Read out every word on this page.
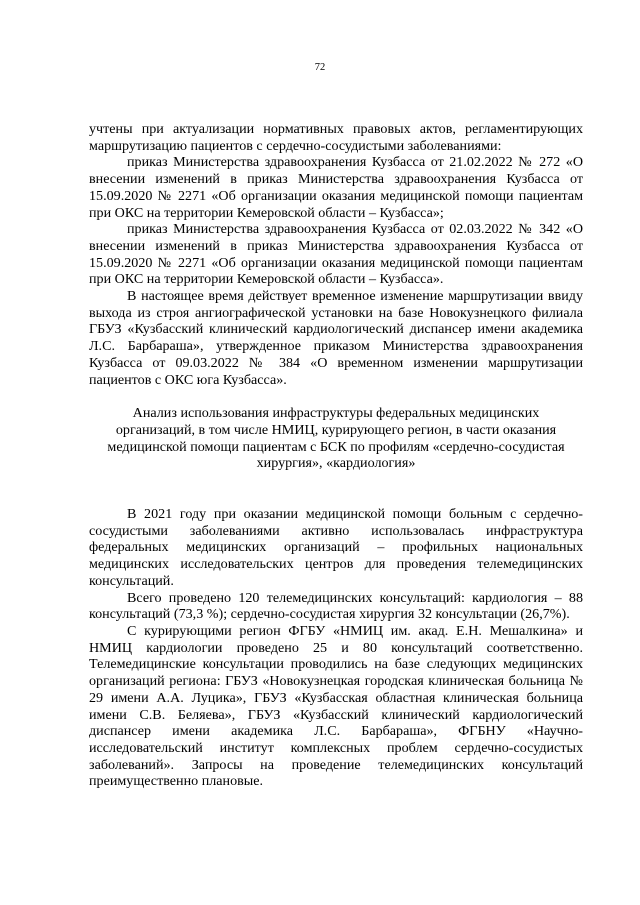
72

учтены при актуализации нормативных правовых актов, регламентирующих маршрутизацию пациентов с сердечно-сосудистыми заболеваниями:

приказ Министерства здравоохранения Кузбасса от 21.02.2022 № 272 «О внесении изменений в приказ Министерства здравоохранения Кузбасса от 15.09.2020 № 2271 «Об организации оказания медицинской помощи пациентам при ОКС на территории Кемеровской области – Кузбасса»;

приказ Министерства здравоохранения Кузбасса от 02.03.2022 № 342 «О внесении изменений в приказ Министерства здравоохранения Кузбасса от 15.09.2020 № 2271 «Об организации оказания медицинской помощи пациентам при ОКС на территории Кемеровской области – Кузбасса».

В настоящее время действует временное изменение маршрутизации ввиду выхода из строя ангиографической установки на базе Новокузнецкого филиала ГБУЗ «Кузбасский клинический кардиологический диспансер имени академика Л.С. Барбараша», утвержденное приказом Министерства здравоохранения Кузбасса от 09.03.2022 № 384 «О временном изменении маршрутизации пациентов с ОКС юга Кузбасса».

Анализ использования инфраструктуры федеральных медицинских организаций, в том числе НМИЦ, курирующего регион, в части оказания медицинской помощи пациентам с БСК по профилям «сердечно-сосудистая хирургия», «кардиология»

В 2021 году при оказании медицинской помощи больным с сердечно-сосудистыми заболеваниями активно использовалась инфраструктура федеральных медицинских организаций – профильных национальных медицинских исследовательских центров для проведения телемедицинских консультаций.

Всего проведено 120 телемедицинских консультаций: кардиология – 88 консультаций (73,3 %); сердечно-сосудистая хирургия 32 консультации (26,7%).

С курирующими регион ФГБУ «НМИЦ им. акад. Е.Н. Мешалкина» и НМИЦ кардиологии проведено 25 и 80 консультаций соответственно. Телемедицинские консультации проводились на базе следующих медицинских организаций региона: ГБУЗ «Новокузнецкая городская клиническая больница № 29 имени А.А. Луцика», ГБУЗ «Кузбасская областная клиническая больница имени С.В. Беляева», ГБУЗ «Кузбасский клинический кардиологический диспансер имени академика Л.С. Барбараша», ФГБНУ «Научно-исследовательский институт комплексных проблем сердечно-сосудистых заболеваний». Запросы на проведение телемедицинских консультаций преимущественно плановые.
